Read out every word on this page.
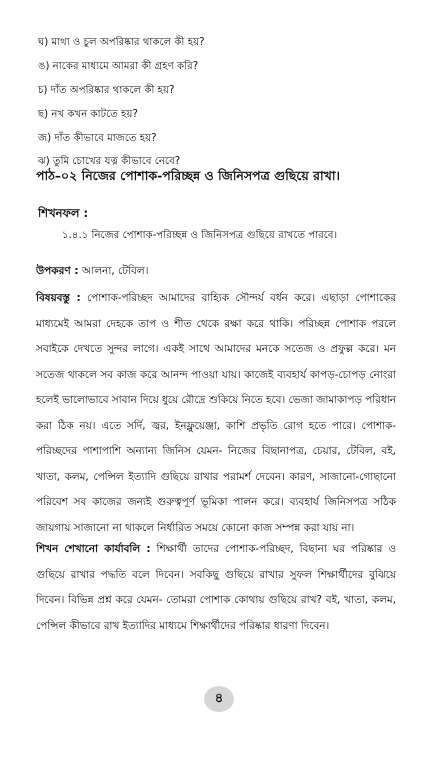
ঘ) মাথা ও চুল অপরিষ্কার থাকলে কী হয়?
ঙ) নাকের মাধ্যমে আমরা কী গ্রহণ করি?
চ) দাঁত অপরিষ্কার থাকলে কী হয়?
ছ) নখ কখন কাটতে হয়?
জ) দাঁত কীভাবে মাজতে হয়?
ঝ) তুমি চোখের যত্ন কীভাবে নেবে?
পাঠ–০২ নিজের পোশাক-পরিচ্ছন্ন ও জিনিসপত্র গুছিয়ে রাখা।
শিখনফল :
১.৪.১ নিজের পোশাক-পরিচ্ছন্ন ও জিনিসপত্র গুছিয়ে রাখতে পারবে।
উপকরণ : আলনা, টেবিল।

বিষয়বস্তু : পোশাক-পরিচ্ছদ আমাদের বাহ্যিক সৌন্দর্য বর্ধন করে। এছাড়া পোশাকের মাধ্যমেই আমরা দেহকে তাপ ও শীত থেকে রক্ষা করে থাকি। পরিচ্ছন্ন পোশাক পরলে সবাইকে দেখতে সুন্দর লাগে। একই সাথে আমাদের মনকে সতেজ ও প্রফুল্ল করে। মন সতেজ থাকলে সব কাজ করে আনন্দ পাওয়া যায়। কাজেই ব্যবহার্য কাপড়-চোপড় নোংরা হলেই ভালোভাবে সাবান দিয়ে ধুয়ে রৌদ্রে শুকিয়ে নিতে হবে। ভেজা জামাকাপড় পরিধান করা ঠিক নয়। এতে সর্দি, জ্বর, ইনফ্লুয়েঞ্জা, কাশি প্রভৃতি রোগ হতে পারে। পোশাক-পরিচ্ছদের পাশাপাশি অন্যান্য জিনিস যেমন- নিজের বিছানাপত্র, চেয়ার, টেবিল, বই, খাতা, কলম, পেন্সিল ইত্যাদি গুছিয়ে রাখার পরামর্শ দেবেন। কারণ, সাজানো-গোছানো পরিবেশ সব কাজের জন্যই গুরুত্বপূর্ণ ভূমিকা পালন করে। ব্যবহার্য জিনিসপত্র সঠিক জায়গায় সাজানো না থাকলে নির্ধারিত সময়ে কোনো কাজ সম্পন্ন করা যায় না।

শিখন শেখানো কার্যাবলি : শিক্ষার্থী তাদের পোশাক-পরিচ্ছদ, বিছানা ঘর পরিষ্কার ও গুছিয়ে রাখার পদ্ধতি বলে দিবেন। সবকিছু গুছিয়ে রাখার সুফল শিক্ষার্থীদের বুঝিয়ে দিবেন। বিভিন্ন প্রশ্ন করে যেমন- তোমরা পোশাক কোথায় গুছিয়ে রাখ? বই, খাতা, কলম, পেন্সিল কীভাবে রাখ ইত্যাদির মাধ্যমে শিক্ষার্থীদের পরিষ্কার ধারণা দিবেন।

৪
